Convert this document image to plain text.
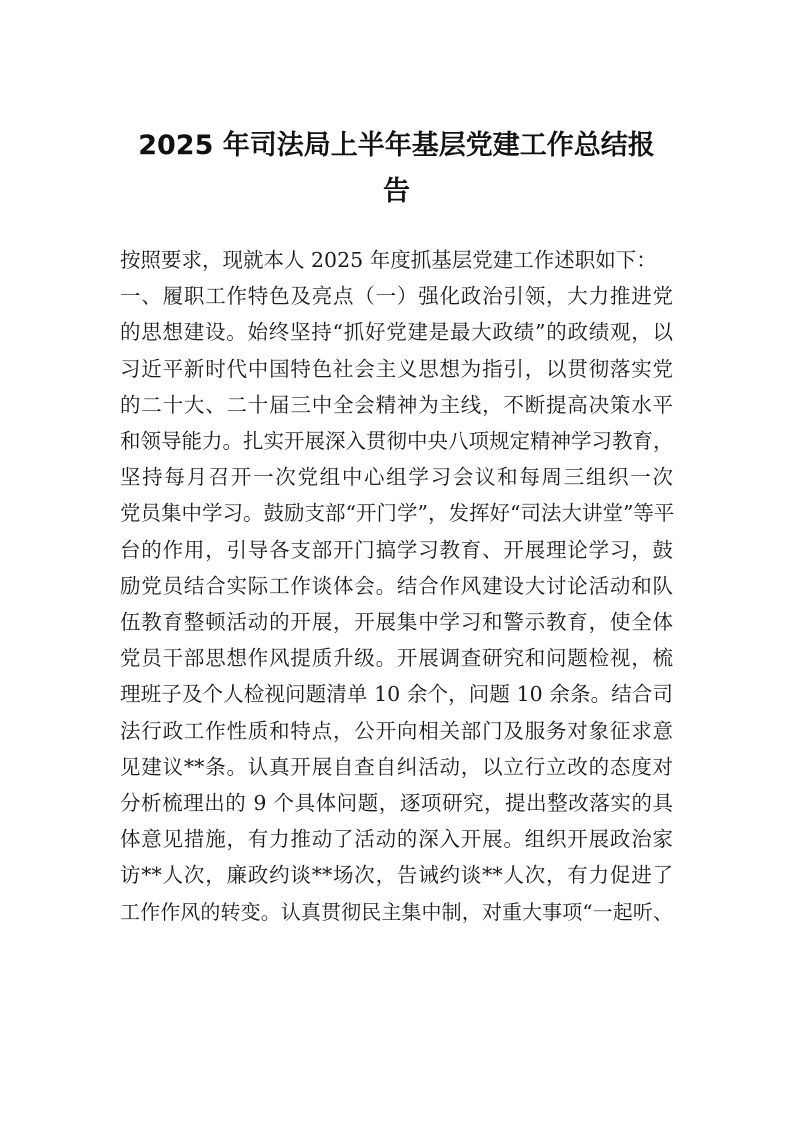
2025 年司法局上半年基层党建工作总结报
告

按照要求，现就本人 2025 年度抓基层党建工作述职如下：

一、履职工作特色及亮点（一）强化政治引领，大力推进党

的思想建设。始终坚持“抓好党建是最大政绩”的政绩观，以

习近平新时代中国特色社会主义思想为指引，以贯彻落实党

的二十大、二十届三中全会精神为主线，不断提高决策水平

和领导能力。扎实开展深入贯彻中央八项规定精神学习教育，

坚持每月召开一次党组中心组学习会议和每周三组织一次

党员集中学习。鼓励支部“开门学”，发挥好“司法大讲堂”等平

台的作用，引导各支部开门搞学习教育、开展理论学习，鼓

励党员结合实际工作谈体会。结合作风建设大讨论活动和队

伍教育整顿活动的开展，开展集中学习和警示教育，使全体

党员干部思想作风提质升级。开展调查研究和问题检视，梳

理班子及个人检视问题清单 10 余个，问题 10 余条。结合司

法行政工作性质和特点，公开向相关部门及服务对象征求意

见建议**条。认真开展自查自纠活动，以立行立改的态度对

分析梳理出的 9 个具体问题，逐项研究，提出整改落实的具

体意见措施，有力推动了活动的深入开展。组织开展政治家

访**人次，廉政约谈**场次，告诫约谈**人次，有力促进了

工作作风的转变。认真贯彻民主集中制，对重大事项“一起听、
